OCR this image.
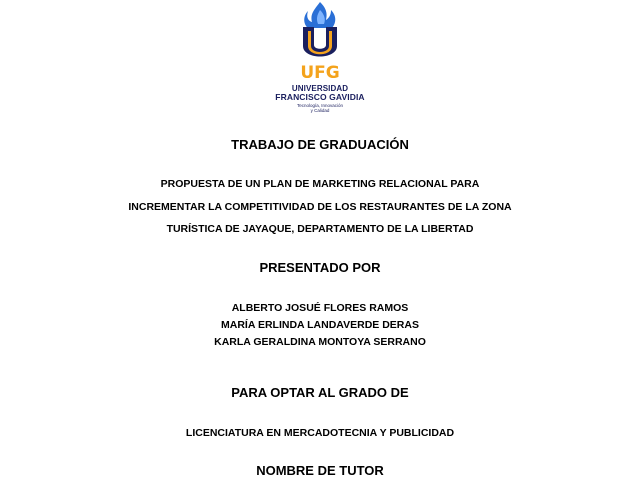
UFG
UNIVERSIDAD
FRANCISCO GAVIDIA
Tecnología, Innovación
y Calidad
TRABAJO DE GRADUACIÓN
PROPUESTA DE UN PLAN DE MARKETING RELACIONAL PARA
INCREMENTAR LA COMPETITIVIDAD DE LOS RESTAURANTES DE LA ZONA
TURÍSTICA DE JAYAQUE, DEPARTAMENTO DE LA LIBERTAD
PRESENTADO POR
ALBERTO JOSUÉ FLORES RAMOS
MARÍA ERLINDA LANDAVERDE DERAS
KARLA GERALDINA MONTOYA SERRANO
PARA OPTAR AL GRADO DE
LICENCIATURA EN MERCADOTECNIA Y PUBLICIDAD
NOMBRE DE TUTOR
